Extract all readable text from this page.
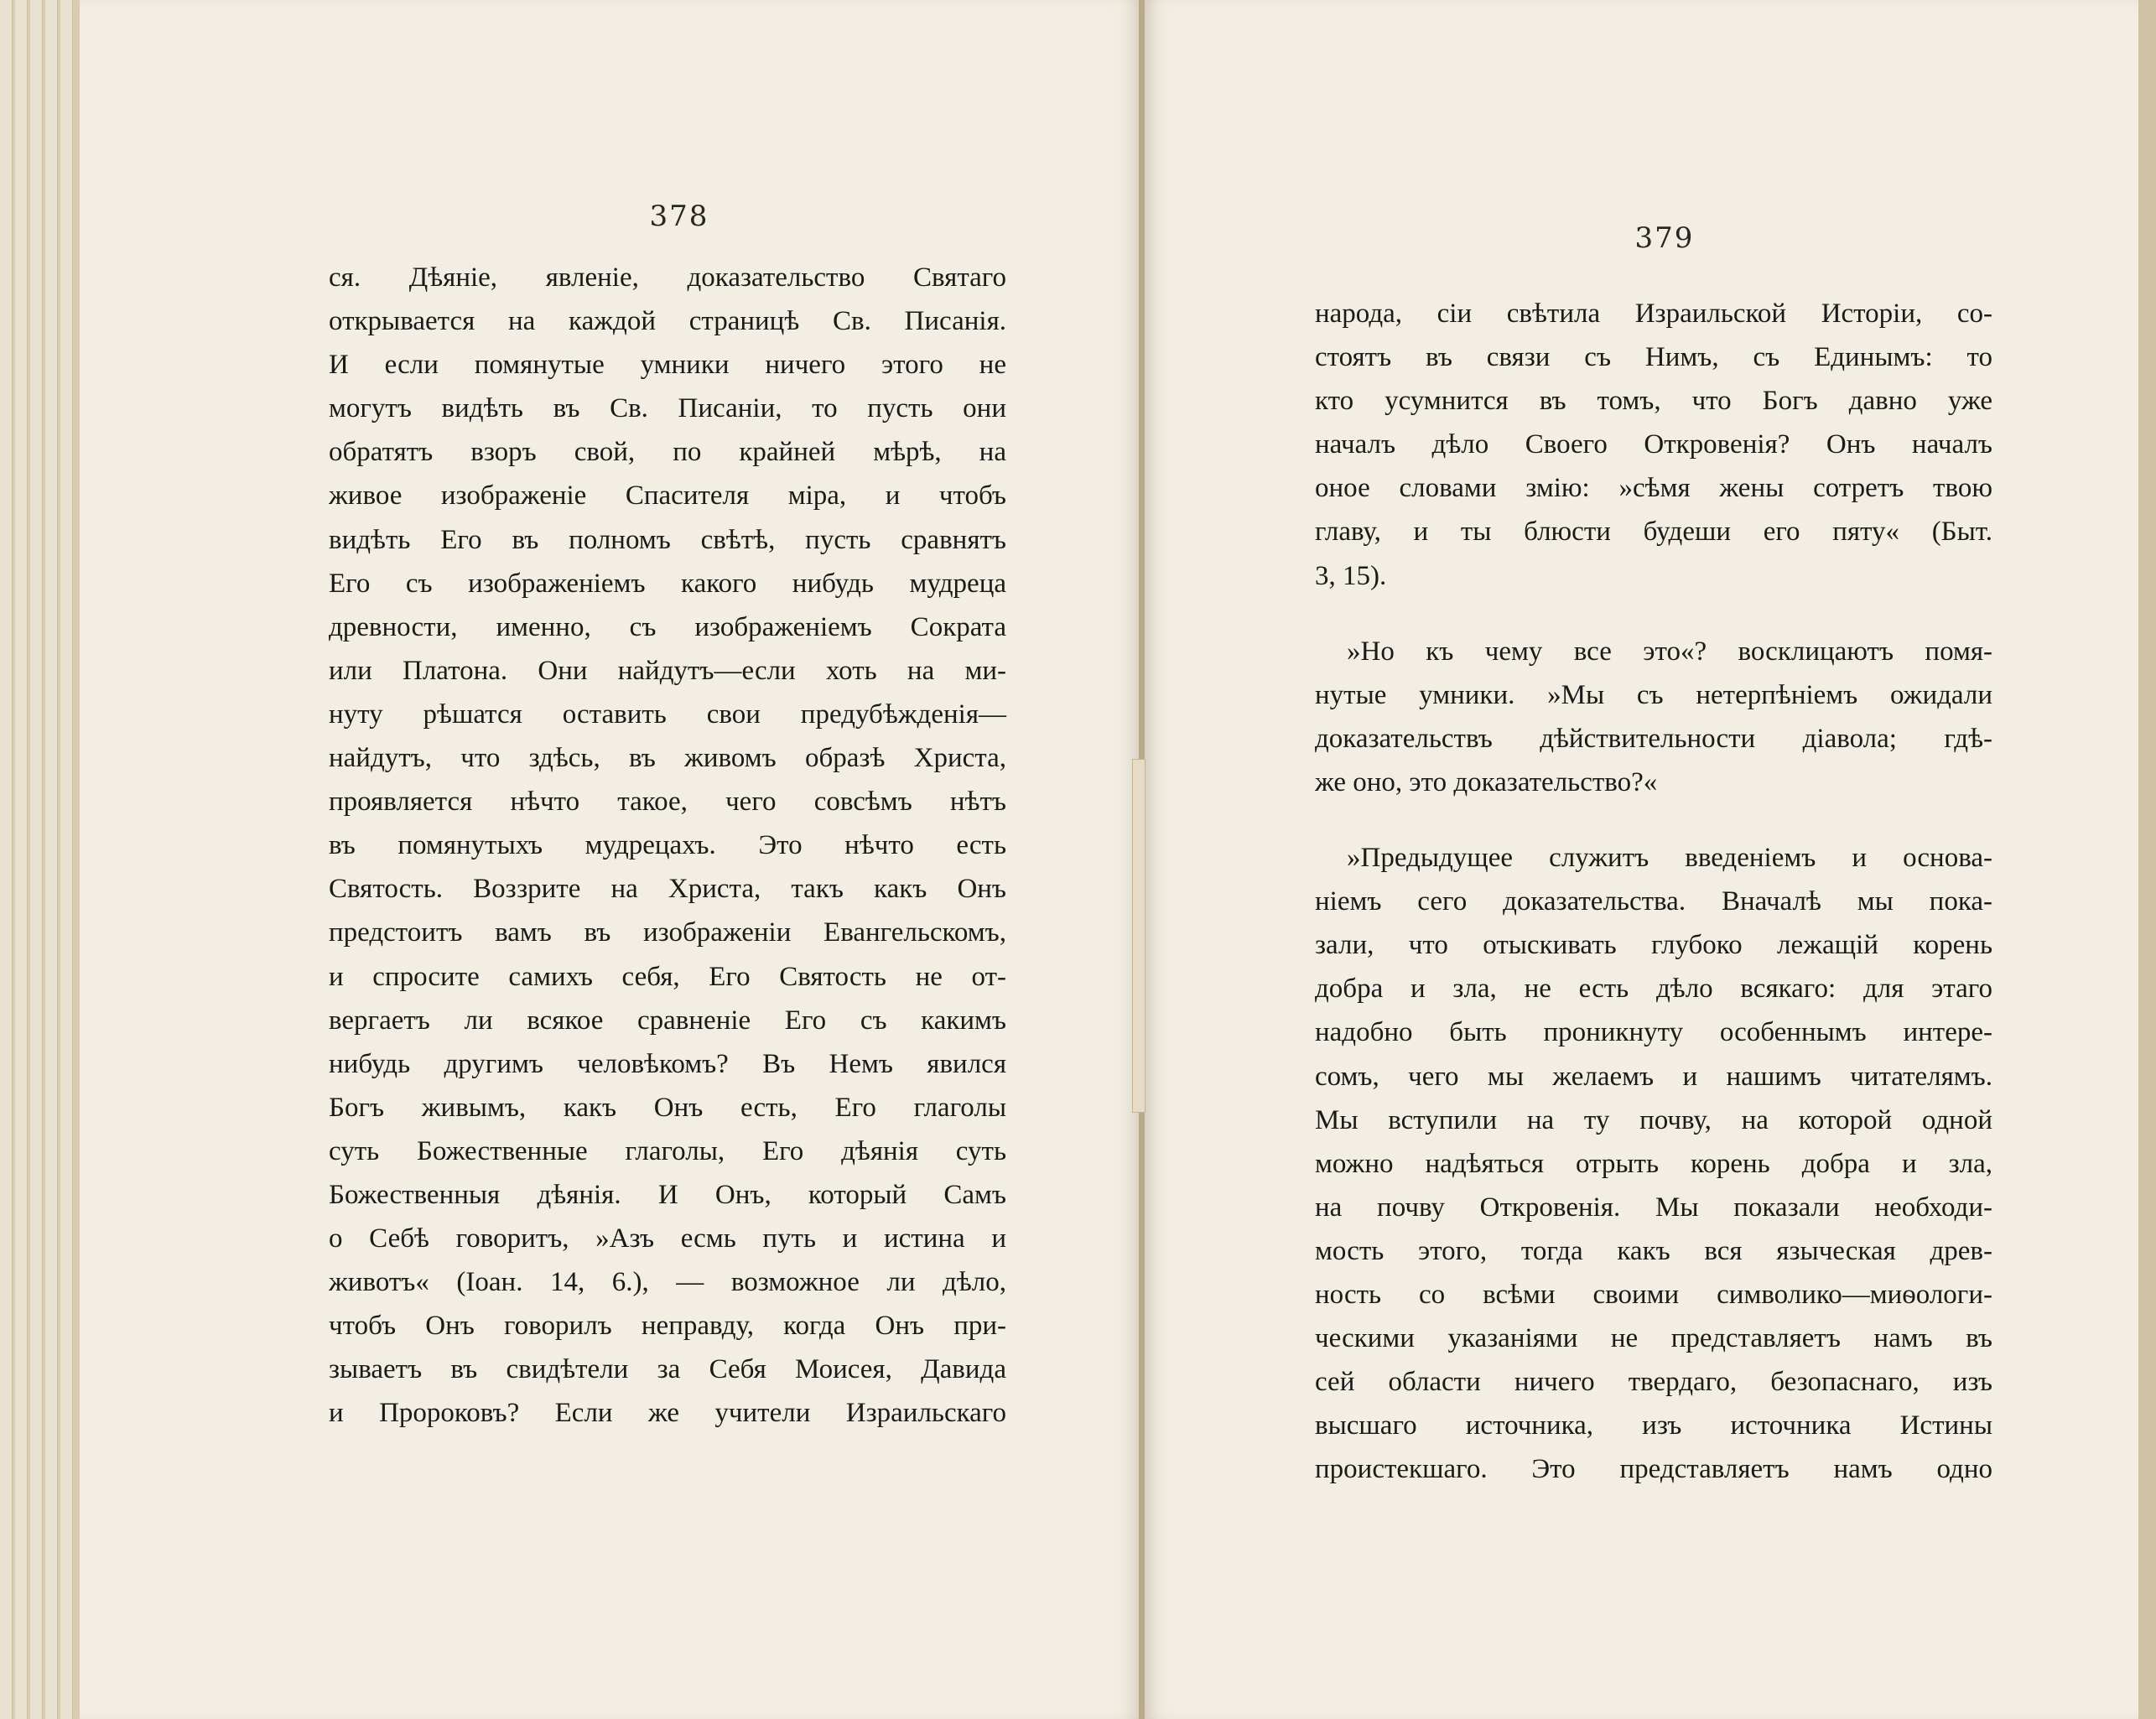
378
379
ся. Дѣяніе, явленіе, доказательство Святаго
открывается на каждой страницѣ Св. Писанія.
И если помянутые умники ничего этого не
могутъ видѣть въ Св. Писаніи, то пусть они
обратятъ взоръ свой, по крайней мѣрѣ, на
живое изображеніе Спасителя міра, и чтобъ
видѣть Его въ полномъ свѣтѣ, пусть сравнятъ
Его съ изображеніемъ какого нибудь мудреца
древности, именно, съ изображеніемъ Сократа
или Платона. Они найдутъ—если хоть на ми-
нуту рѣшатся оставить свои предубѣжденія—
найдутъ, что здѣсь, въ живомъ образѣ Христа,
проявляется нѣчто такое, чего совсѣмъ нѣтъ
въ помянутыхъ мудрецахъ. Это нѣчто есть
Святость. Воззрите на Христа, такъ какъ Онъ
предстоитъ вамъ въ изображеніи Евангельскомъ,
и спросите самихъ себя, Его Святость не от-
вергаетъ ли всякое сравненіе Его съ какимъ
нибудь другимъ человѣкомъ? Въ Немъ явился
Богъ живымъ, какъ Онъ есть, Его глаголы
суть Божественные глаголы, Его дѣянія суть
Божественныя дѣянія. И Онъ, который Самъ
о Себѣ говоритъ, »Азъ есмь путь и истина и
животъ« (Іоан. 14, 6.), — возможное ли дѣло,
чтобъ Онъ говорилъ неправду, когда Онъ при-
зываетъ въ свидѣтели за Себя Моисея, Давида
и Пророковъ? Если же учители Израильскаго
народа, сіи свѣтила Израильской Исторіи, со-
стоятъ въ связи съ Нимъ, съ Единымъ: то
кто усумнится въ томъ, что Богъ давно уже
началъ дѣло Своего Откровенія? Онъ началъ
оное словами змію: »сѣмя жены сотретъ твою
главу, и ты блюсти будеши его пяту« (Быт.
3, 15).
»Но къ чему все это«? восклицаютъ помя-
нутые умники. »Мы съ нетерпѣніемъ ожидали
доказательствъ дѣйствительности діавола; гдѣ-
же оно, это доказательство?«
»Предыдущее служитъ введеніемъ и основа-
ніемъ сего доказательства. Вначалѣ мы пока-
зали, что отыскивать глубоко лежащій корень
добра и зла, не есть дѣло всякаго: для этаго
надобно быть проникнуту особеннымъ интере-
сомъ, чего мы желаемъ и нашимъ читателямъ.
Мы вступили на ту почву, на которой одной
можно надѣяться отрыть корень добра и зла,
на почву Откровенія. Мы показали необходи-
мость этого, тогда какъ вся языческая древ-
ность со всѣми своими символико—миѳологи-
ческими указаніями не представляетъ намъ въ
сей области ничего твердаго, безопаснаго, изъ
высшаго источника, изъ источника Истины
проистекшаго. Это представляетъ намъ одно
